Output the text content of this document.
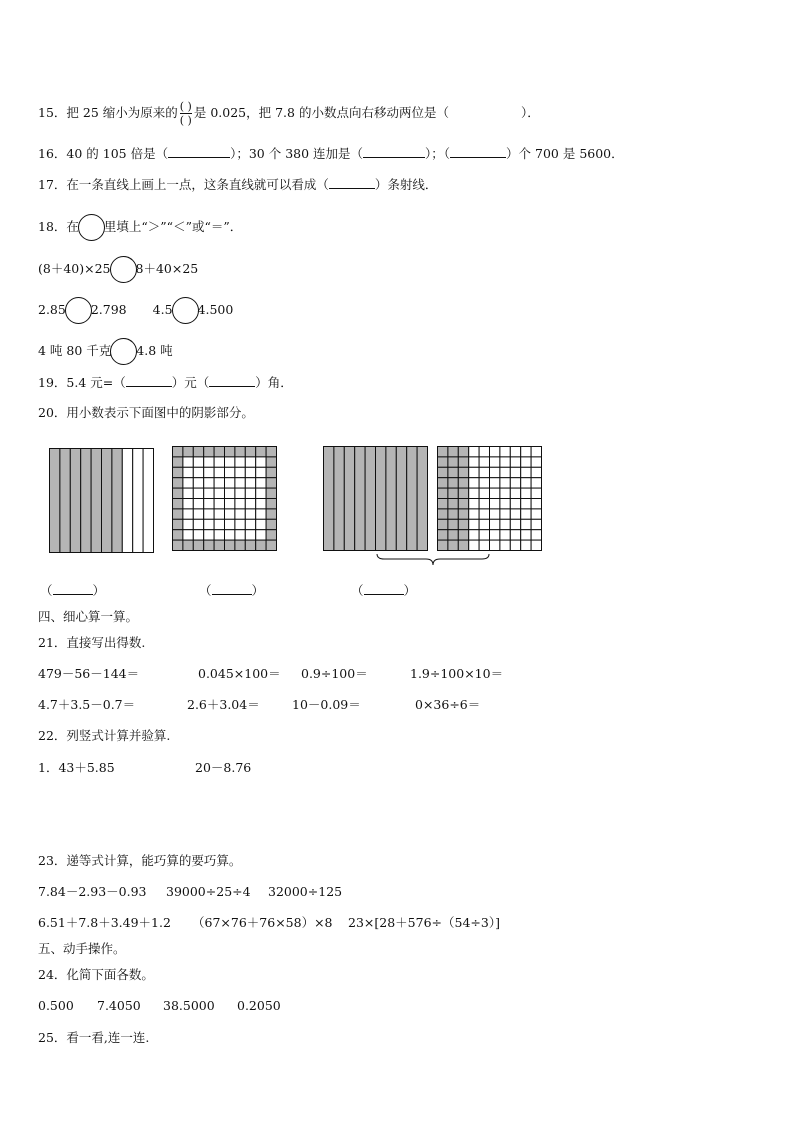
15．把 25 缩小为原来的 $\frac{( )}{( )}$ 是 0.025，把 7.8 的小数点向右移动两位是（	）．
16．40 的 105 倍是（	）；30 个 380 连加是（	）；（	）个 700 是 5600．
17．在一条直线上画上一点，这条直线就可以看成（	）条射线．
18．在 里填上“＞”“＜”或“＝”．
(8＋40)×25 8＋40×25
2.85 2.798 4.5 4.500
4 吨 80 千克 4.8 吨
19．5.4 元=（	）元（	）角．
20．用小数表示下面图中的阴影部分。
（	）	（	）	（	）
四、细心算一算。
21．直接写出得数.
479－56－144＝	0.045×100＝ 0.9÷100＝	1.9÷100×10＝
4.7＋3.5－0.7＝	2.6＋3.04＝	10－0.09＝	0×36÷6＝
22．列竖式计算并验算.
1．43＋5.85	20－8.76
23．递等式计算，能巧算的要巧算。
7.84－2.93－0.93 39000÷25÷4 32000÷125
6.51＋7.8＋3.49＋1.2 （67×76＋76×58）×8 23×[28＋576÷（54÷3）]
五、动手操作。
24．化简下面各数。
0.500 7.4050 38.5000 0.2050
25．看一看,连一连.
